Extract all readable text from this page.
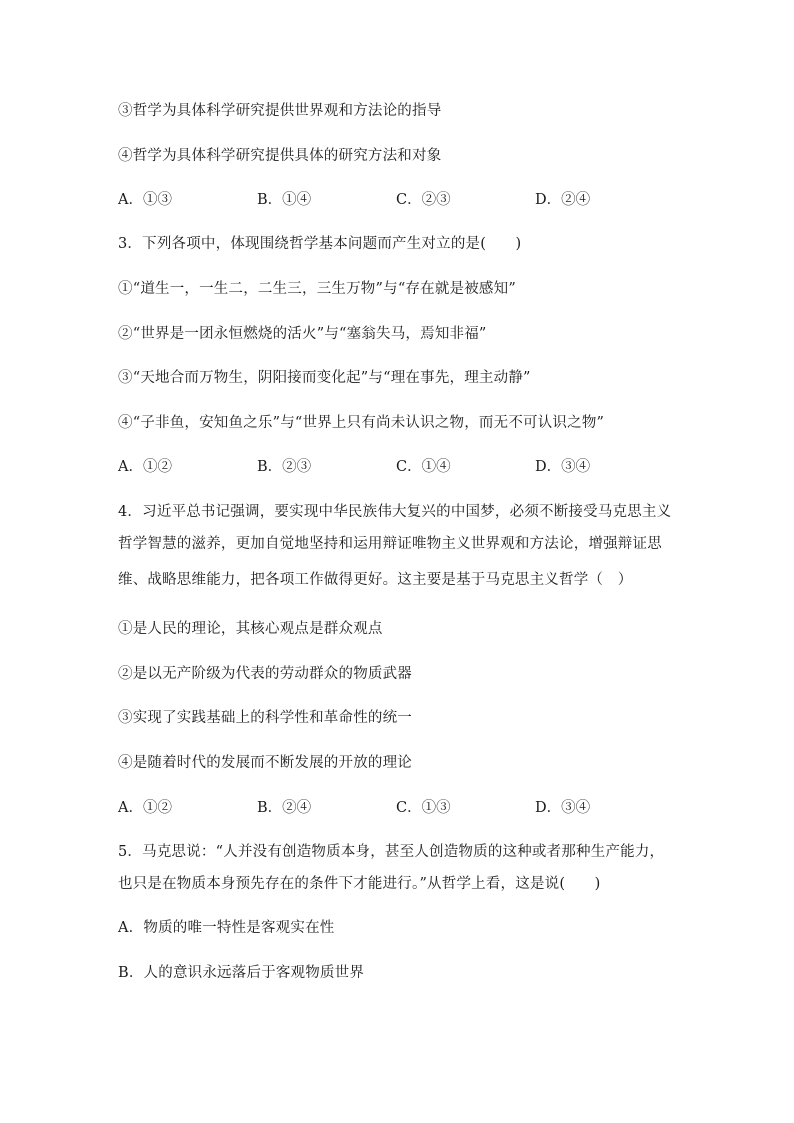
③哲学为具体科学研究提供世界观和方法论的指导
④哲学为具体科学研究提供具体的研究方法和对象
A．①③	B．①④	C．②③	D．②④
3．下列各项中，体现围绕哲学基本问题而产生对立的是(　　)
①“道生一，一生二，二生三，三生万物”与“存在就是被感知”
②“世界是一团永恒燃烧的活火”与“塞翁失马，焉知非福”
③“天地合而万物生，阴阳接而变化起”与“理在事先，理主动静”
④“子非鱼，安知鱼之乐”与“世界上只有尚未认识之物，而无不可认识之物”
A．①②	B．②③	C．①④	D．③④
4．习近平总书记强调，要实现中华民族伟大复兴的中国梦，必须不断接受马克思主义
哲学智慧的滋养，更加自觉地坚持和运用辩证唯物主义世界观和方法论，增强辩证思
维、战略思维能力，把各项工作做得更好。这主要是基于马克思主义哲学（　）
①是人民的理论，其核心观点是群众观点
②是以无产阶级为代表的劳动群众的物质武器
③实现了实践基础上的科学性和革命性的统一
④是随着时代的发展而不断发展的开放的理论
A．①②	B．②④	C．①③	D．③④
5．马克思说：“人并没有创造物质本身，甚至人创造物质的这种或者那种生产能力，
也只是在物质本身预先存在的条件下才能进行。”从哲学上看，这是说(　　)
A．物质的唯一特性是客观实在性
B．人的意识永远落后于客观物质世界
